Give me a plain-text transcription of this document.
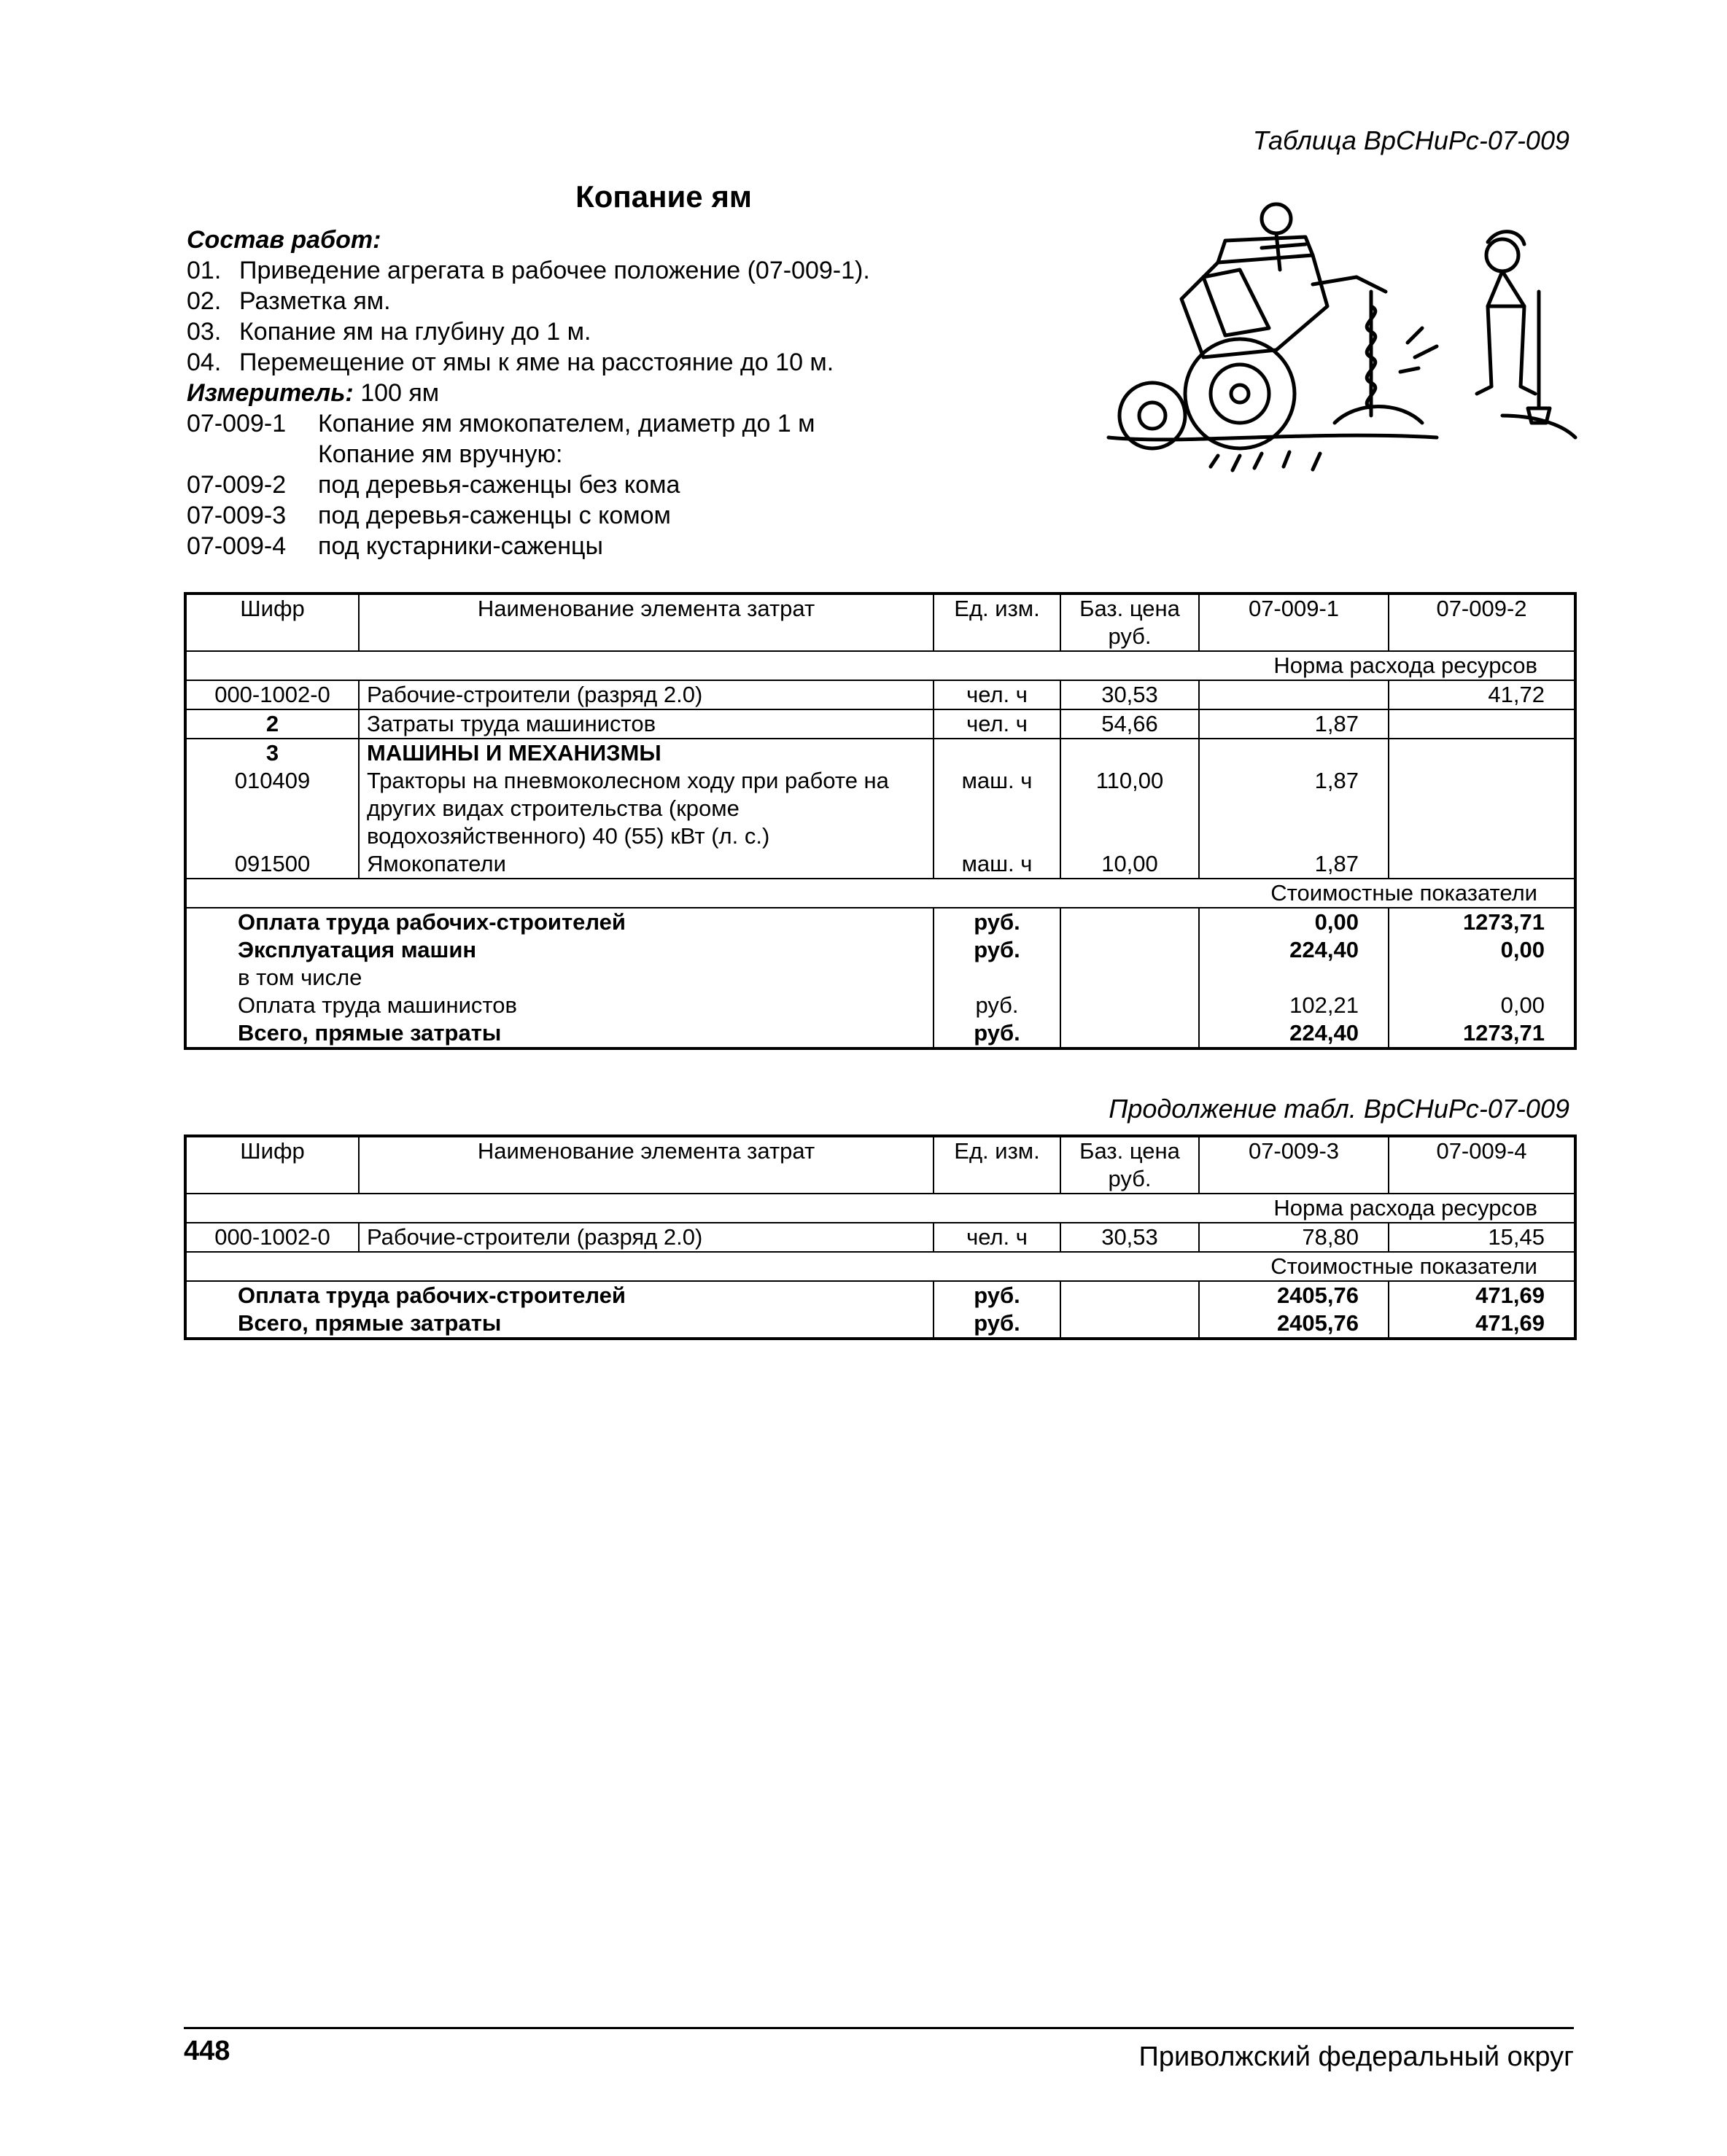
Таблица ВрСНиРс-07-009
Копание ям
Состав работ:
01. Приведение агрегата в рабочее положение (07-009-1).
02. Разметка ям.
03. Копание ям на глубину до 1 м.
04. Перемещение от ямы к яме на расстояние до 10 м.
Измеритель: 100 ям
07-009-1 Копание ям ямокопателем, диаметр до 1 м
Копание ям вручную:
07-009-2 под деревья-саженцы без кома
07-009-3 под деревья-саженцы с комом
07-009-4 под кустарники-саженцы
Шифр	Наименование элемента затрат	Ед. изм.	Баз. цена руб.	07-009-1	07-009-2
Норма расхода ресурсов					
000-1002-0	Рабочие-строители (разряд 2.0)	чел. ч	30,53		41,72
2	Затраты труда машинистов	чел. ч	54,66	1,87	
3	МАШИНЫ И МЕХАНИЗМЫ				
010409	Тракторы на пневмоколесном ходу при работе на других видах строительства (кроме водохозяйственного) 40 (55) кВт (л. с.)	маш. ч	110,00	1,87	
091500	Ямокопатели	маш. ч	10,00	1,87	
Стоимостные показатели					
Оплата труда рабочих-строителей		руб.		0,00	1273,71
Эксплуатация машин		руб.		224,40	0,00
в том числе					
Оплата труда машинистов		руб.		102,21	0,00
Всего, прямые затраты		руб.		224,40	1273,71
Продолжение табл. ВрСНиРс-07-009
Шифр	Наименование элемента затрат	Ед. изм.	Баз. цена руб.	07-009-3	07-009-4
Норма расхода ресурсов					
000-1002-0	Рабочие-строители (разряд 2.0)	чел. ч	30,53	78,80	15,45
Стоимостные показатели					
Оплата труда рабочих-строителей		руб.		2405,76	471,69
Всего, прямые затраты		руб.		2405,76	471,69
448	Приволжский федеральный округ
